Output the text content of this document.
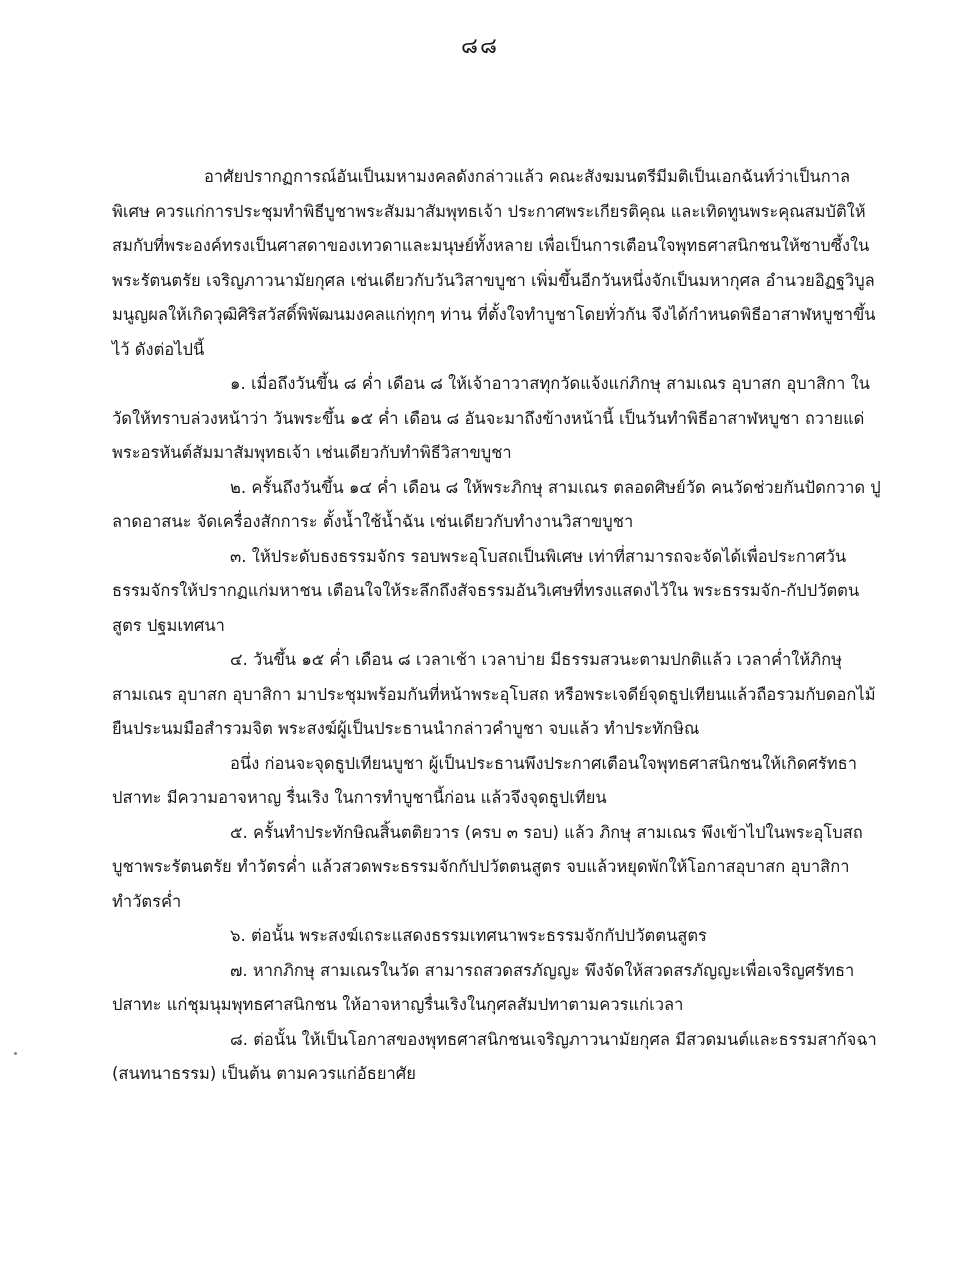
๘๘

อาศัยปรากฏการณ์อันเป็นมหามงคลดังกล่าวแล้ว คณะสังฆมนตรีมีมติเป็นเอกฉันท์ว่าเป็นกาลพิเศษ ควรแก่การประชุมทำพิธีบูชาพระสัมมาสัมพุทธเจ้า ประกาศพระเกียรติคุณ และเทิดทูนพระคุณสมบัติให้สมกับที่พระองค์ทรงเป็นศาสดาของเทวดาและมนุษย์ทั้งหลาย เพื่อเป็นการเตือนใจพุทธศาสนิกชนให้ซาบซึ้งในพระรัตนตรัย เจริญภาวนามัยกุศล เช่นเดียวกับวันวิสาขบูชา เพิ่มขึ้นอีกวันหนึ่งจักเป็นมหากุศล อำนวยอิฏฐวิบูลมนูญผลให้เกิดวุฒิศิริสวัสดิ์พิพัฒนมงคลแก่ทุกๆ ท่าน ที่ตั้งใจทำบูชาโดยทั่วกัน จึงได้กำหนดพิธีอาสาฬหบูชาขึ้นไว้ ดังต่อไปนี้

๑. เมื่อถึงวันขึ้น ๘ ค่ำ เดือน ๘ ให้เจ้าอาวาสทุกวัดแจ้งแก่ภิกษุ สามเณร อุบาสก อุบาสิกา ในวัดให้ทราบล่วงหน้าว่า วันพระขึ้น ๑๕ ค่ำ เดือน ๘ อันจะมาถึงข้างหน้านี้ เป็นวันทำพิธีอาสาฬหบูชา ถวายแด่พระอรหันต์สัมมาสัมพุทธเจ้า เช่นเดียวกับทำพิธีวิสาขบูชา

๒. ครั้นถึงวันขึ้น ๑๔ ค่ำ เดือน ๘ ให้พระภิกษุ สามเณร ตลอดศิษย์วัด คนวัดช่วยกันปัดกวาด ปูลาดอาสนะ จัดเครื่องสักการะ ตั้งน้ำใช้น้ำฉัน เช่นเดียวกับทำงานวิสาขบูชา

๓. ให้ประดับธงธรรมจักร รอบพระอุโบสถเป็นพิเศษ เท่าที่สามารถจะจัดได้เพื่อประกาศวันธรรมจักรให้ปรากฏแก่มหาชน เตือนใจให้ระลึกถึงสัจธรรมอันวิเศษที่ทรงแสดงไว้ใน พระธรรมจัก-กัปปวัตตนสูตร ปฐมเทศนา

๔. วันขึ้น ๑๕ ค่ำ เดือน ๘ เวลาเช้า เวลาบ่าย มีธรรมสวนะตามปกติแล้ว เวลาค่ำให้ภิกษุ สามเณร อุบาสก อุบาสิกา มาประชุมพร้อมกันที่หน้าพระอุโบสถ หรือพระเจดีย์จุดธูปเทียนแล้วถือรวมกับดอกไม้ ยืนประนมมือสำรวมจิต พระสงฆ์ผู้เป็นประธานนำกล่าวคำบูชา จบแล้ว ทำประทักษิณ

อนึ่ง ก่อนจะจุดธูปเทียนบูชา ผู้เป็นประธานพึงประกาศเตือนใจพุทธศาสนิกชนให้เกิดศรัทธา ปสาทะ มีความอาจหาญ รื่นเริง ในการทำบูชานี้ก่อน แล้วจึงจุดธูปเทียน

๕. ครั้นทำประทักษิณสิ้นตติยวาร (ครบ ๓ รอบ) แล้ว ภิกษุ สามเณร พึงเข้าไปในพระอุโบสถ บูชาพระรัตนตรัย ทำวัตรค่ำ แล้วสวดพระธรรมจักกัปปวัตตนสูตร จบแล้วหยุดพักให้โอกาสอุบาสก อุบาสิกา ทำวัตรค่ำ

๖. ต่อนั้น พระสงฆ์เถระแสดงธรรมเทศนาพระธรรมจักกัปปวัตตนสูตร

๗. หากภิกษุ สามเณรในวัด สามารถสวดสรภัญญะ พึงจัดให้สวดสรภัญญะเพื่อเจริญศรัทธาปสาทะ แก่ชุมนุมพุทธศาสนิกชน ให้อาจหาญรื่นเริงในกุศลสัมปทาตามควรแก่เวลา

๘. ต่อนั้น ให้เป็นโอกาสของพุทธศาสนิกชนเจริญภาวนามัยกุศล มีสวดมนต์และธรรมสากัจฉา (สนทนาธรรม) เป็นต้น ตามควรแก่อัธยาศัย
